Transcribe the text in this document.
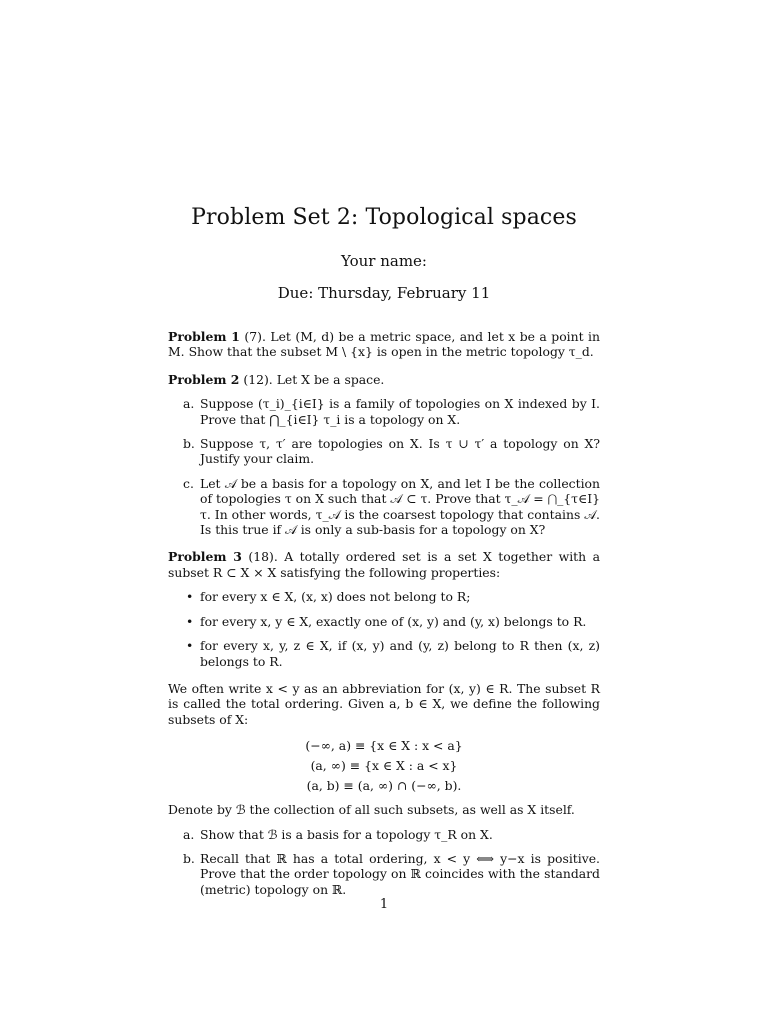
Problem Set 2: Topological spaces
Your name:
Due: Thursday, February 11
Problem 1 (7). Let (M, d) be a metric space, and let x be a point in M. Show that the subset M \ {x} is open in the metric topology τ_d.
Problem 2 (12). Let X be a space.
a. Suppose (τ_i)_{i∈I} is a family of topologies on X indexed by I. Prove that ⋂_{i∈I} τ_i is a topology on X.
b. Suppose τ, τ′ are topologies on X. Is τ ∪ τ′ a topology on X? Justify your claim.
c. Let 𝒜 be a basis for a topology on X, and let I be the collection of topologies τ on X such that 𝒜 ⊂ τ. Prove that τ_𝒜 = ⋂_{τ∈I} τ. In other words, τ_𝒜 is the coarsest topology that contains 𝒜. Is this true if 𝒜 is only a sub-basis for a topology on X?
Problem 3 (18). A totally ordered set is a set X together with a subset R ⊂ X × X satisfying the following properties:
• for every x ∈ X, (x, x) does not belong to R;
• for every x, y ∈ X, exactly one of (x, y) and (y, x) belongs to R.
• for every x, y, z ∈ X, if (x, y) and (y, z) belong to R then (x, z) belongs to R.

We often write x < y as an abbreviation for (x, y) ∈ R. The subset R is called the total ordering. Given a, b ∈ X, we define the following subsets of X:

(−∞, a) ≡ {x ∈ X : x < a}
(a, ∞) ≡ {x ∈ X : a < x}
(a, b) ≡ (a, ∞) ∩ (−∞, b).

Denote by ℬ the collection of all such subsets, as well as X itself.

a. Show that ℬ is a basis for a topology τ_R on X.
b. Recall that ℝ has a total ordering, x < y ⟺ y−x is positive. Prove that the order topology on ℝ coincides with the standard (metric) topology on ℝ.
1
